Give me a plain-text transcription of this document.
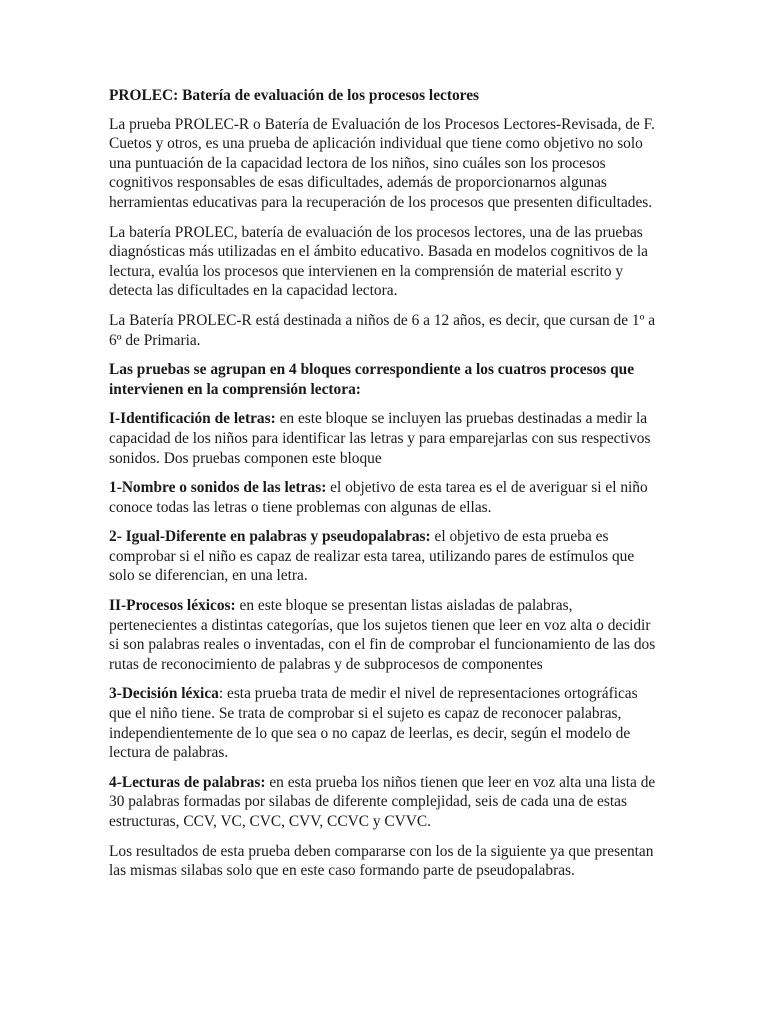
PROLEC: Batería de evaluación de los procesos lectores

La prueba PROLEC-R o Batería de Evaluación de los Procesos Lectores-Revisada, de F. Cuetos y otros, es una prueba de aplicación individual que tiene como objetivo no solo una puntuación de la capacidad lectora de los niños, sino cuáles son los procesos cognitivos responsables de esas dificultades, además de proporcionarnos algunas herramientas educativas para la recuperación de los procesos que presenten dificultades.

La batería PROLEC, batería de evaluación de los procesos lectores, una de las pruebas diagnósticas más utilizadas en el ámbito educativo. Basada en modelos cognitivos de la lectura, evalúa los procesos que intervienen en la comprensión de material escrito y detecta las dificultades en la capacidad lectora.

La Batería PROLEC-R está destinada a niños de 6 a 12 años, es decir, que cursan de 1º a 6º de Primaria.

Las pruebas se agrupan en 4 bloques correspondiente a los cuatros procesos que intervienen en la comprensión lectora:

I-Identificación de letras: en este bloque se incluyen las pruebas destinadas a medir la capacidad de los niños para identificar las letras y para emparejarlas con sus respectivos sonidos. Dos pruebas componen este bloque

1-Nombre o sonidos de las letras: el objetivo de esta tarea es el de averiguar si el niño conoce todas las letras o tiene problemas con algunas de ellas.

2- Igual-Diferente en palabras y pseudopalabras: el objetivo de esta prueba es comprobar si el niño es capaz de realizar esta tarea, utilizando pares de estímulos que solo se diferencian, en una letra.

II-Procesos léxicos: en este bloque se presentan listas aisladas de palabras, pertenecientes a distintas categorías, que los sujetos tienen que leer en voz alta o decidir si son palabras reales o inventadas, con el fin de comprobar el funcionamiento de las dos rutas de reconocimiento de palabras y de subprocesos de componentes

3-Decisión léxica: esta prueba trata de medir el nivel de representaciones ortográficas que el niño tiene. Se trata de comprobar si el sujeto es capaz de reconocer palabras, independientemente de lo que sea o no capaz de leerlas, es decir, según el modelo de lectura de palabras.

4-Lecturas de palabras: en esta prueba los niños tienen que leer en voz alta una lista de 30 palabras formadas por silabas de diferente complejidad, seis de cada una de estas estructuras, CCV, VC, CVC, CVV, CCVC y CVVC.

Los resultados de esta prueba deben compararse con los de la siguiente ya que presentan las mismas silabas solo que en este caso formando parte de pseudopalabras.
